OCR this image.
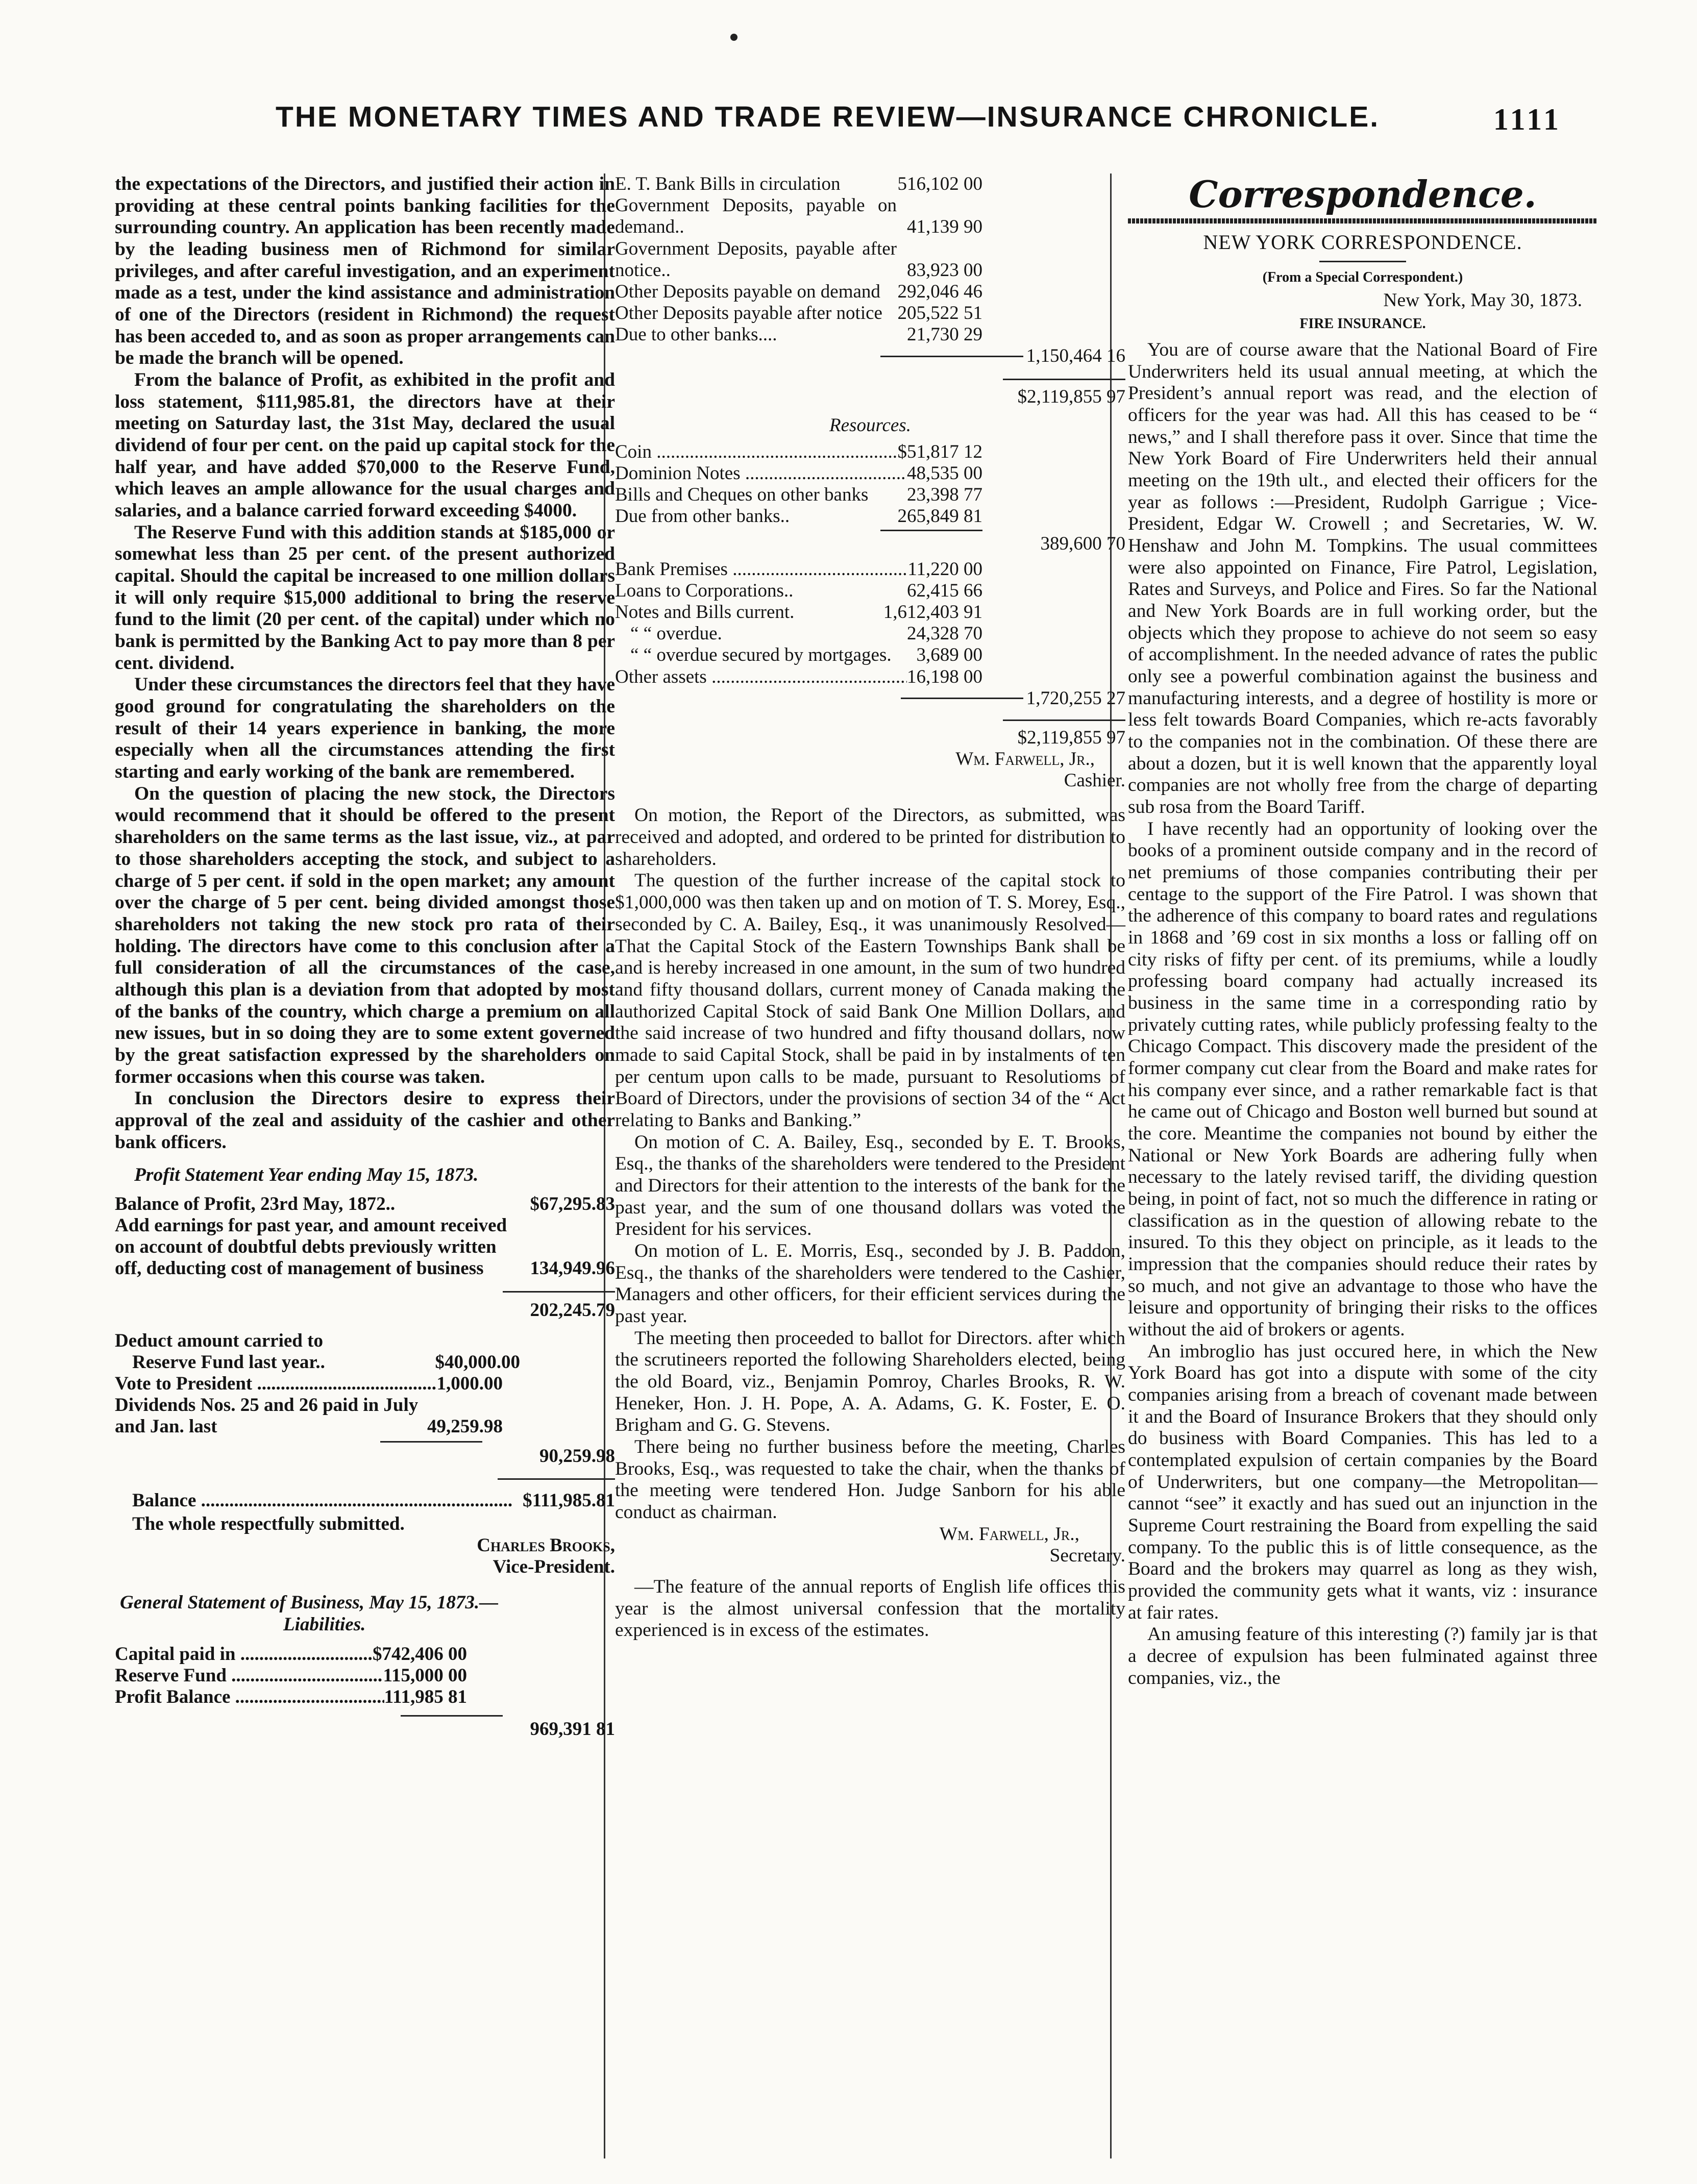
THE MONETARY TIMES AND TRADE REVIEW—INSURANCE CHRONICLE.	1111

the expectations of the Directors, and justified their action in providing at these central points banking facilities for the surrounding country. An application has been recently made by the leading business men of Richmond for similar privileges, and after careful investigation, and an experiment made as a test, under the kind assistance and administration of one of the Directors (resident in Richmond) the request has been acceded to, and as soon as proper arrangements can be made the branch will be opened.

From the balance of Profit, as exhibited in the profit and loss statement, $111,985.81, the directors have at their meeting on Saturday last, the 31st May, declared the usual dividend of four per cent. on the paid up capital stock for the half year, and have added $70,000 to the Reserve Fund, which leaves an ample allowance for the usual charges and salaries, and a balance carried forward exceeding $4000.

The Reserve Fund with this addition stands at $185,000 or somewhat less than 25 per cent. of the present authorized capital. Should the capital be increased to one million dollars it will only require $15,000 additional to bring the reserve fund to the limit (20 per cent. of the capital) under which no bank is permitted by the Banking Act to pay more than 8 per cent. dividend.

Under these circumstances the directors feel that they have good ground for congratulating the shareholders on the result of their 14 years experience in banking, the more especially when all the circumstances attending the first starting and early working of the bank are remembered.

On the question of placing the new stock, the Directors would recommend that it should be offered to the present shareholders on the same terms as the last issue, viz., at par to those shareholders accepting the stock, and subject to a charge of 5 per cent. if sold in the open market; any amount over the charge of 5 per cent. being divided amongst those shareholders not taking the new stock pro rata of their holding. The directors have come to this conclusion after a full consideration of all the circumstances of the case, although this plan is a deviation from that adopted by most of the banks of the country, which charge a premium on all new issues, but in so doing they are to some extent governed by the great satisfaction expressed by the shareholders on former occasions when this course was taken.

In conclusion the Directors desire to express their approval of the zeal and assiduity of the cashier and other bank officers.

Profit Statement Year ending May 15, 1873.

Balance of Profit, 23rd May, 1872..	$67,295.83
Add earnings for past year, and amount received on account of doubtful debts previously written off, deducting cost of management of business	134,949.96
202,245.79
Deduct amount carried to
Reserve Fund last year..	$40,000.00
Vote to President .....	1,000.00
Dividends Nos. 25 and 26 paid in July and Jan. last	49,259.98
90,259.98
Balance .....	$111,985.81
The whole respectfully submitted.
Charles Brooks,
Vice-President.
General Statement of Business, May 15, 1873.—
Liabilities.
Capital paid in .....	$742,406 00
Reserve Fund .....	115,000 00
Profit Balance .....	111,985 81
969,391 81
E. T. Bank Bills in circulation	516,102 00
Government Deposits, payable on demand..	41,139 90
Government Deposits, payable after notice..	83,923 00
Other Deposits payable on demand 292,046 46
Other Deposits payable after notice 205,522 51
Due to other banks....	21,730 29
1,150,464 16
$2,119,855 97
Resources.
Coin .....	$51,817 12
Dominion Notes .....	48,535 00
Bills and Cheques on other banks	23,398 77
Due from other banks..	265,849 81
389,600 70
Bank Premises .....	11,220 00
Loans to Corporations..	62,415 66
Notes and Bills current.	1,612,403 91
“ “ overdue.	24,328 70
“ “ overdue secured by mortgages.	3,689 00
Other assets .....	16,198 00
1,720,255 27
$2,119,855 97
Wm. Farwell, Jr.,
Cashier.

On motion, the Report of the Directors, as submitted, was received and adopted, and ordered to be printed for distribution to shareholders.

The question of the further increase of the capital stock to $1,000,000 was then taken up and on motion of T. S. Morey, Esq., seconded by C. A. Bailey, Esq., it was unanimously Resolved—That the Capital Stock of the Eastern Townships Bank shall be and is hereby increased in one amount, in the sum of two hundred and fifty thousand dollars, current money of Canada making the authorized Capital Stock of said Bank One Million Dollars, and the said increase of two hundred and fifty thousand dollars, now made to said Capital Stock, shall be paid in by instalments of ten per centum upon calls to be made, pursuant to Resolutioms of Board of Directors, under the provisions of section 34 of the “ Act relating to Banks and Banking.”

On motion of C. A. Bailey, Esq., seconded by E. T. Brooks, Esq., the thanks of the shareholders were tendered to the President and Directors for their attention to the interests of the bank for the past year, and the sum of one thousand dollars was voted the President for his services.

On motion of L. E. Morris, Esq., seconded by J. B. Paddon, Esq., the thanks of the shareholders were tendered to the Cashier, Managers and other officers, for their efficient services during the past year.

The meeting then proceeded to ballot for Directors. after which the scrutineers reported the following Shareholders elected, being the old Board, viz., Benjamin Pomroy, Charles Brooks, R. W. Heneker, Hon. J. H. Pope, A. A. Adams, G. K. Foster, E. O. Brigham and G. G. Stevens.

There being no further business before the meeting, Charles Brooks, Esq., was requested to take the chair, when the thanks of the meeting were tendered Hon. Judge Sanborn for his able conduct as chairman.

Wm. Farwell, Jr.,
Secretary.

—The feature of the annual reports of English life offices this year is the almost universal confession that the mortality experienced is in excess of the estimates.

Correspondence.
NEW YORK CORRESPONDENCE.
(From a Special Correspondent.)
New York, May 30, 1873.
FIRE INSURANCE.

You are of course aware that the National Board of Fire Underwriters held its usual annual meeting, at which the President’s annual report was read, and the election of officers for the year was had. All this has ceased to be “ news,” and I shall therefore pass it over. Since that time the New York Board of Fire Underwriters held their annual meeting on the 19th ult., and elected their officers for the year as follows :—President, Rudolph Garrigue ; Vice-President, Edgar W. Crowell ; and Secretaries, W. W. Henshaw and John M. Tompkins. The usual committees were also appointed on Finance, Fire Patrol, Legislation, Rates and Surveys, and Police and Fires. So far the National and New York Boards are in full working order, but the objects which they propose to achieve do not seem so easy of accomplishment. In the needed advance of rates the public only see a powerful combination against the business and manufacturing interests, and a degree of hostility is more or less felt towards Board Companies, which re-acts favorably to the companies not in the combination. Of these there are about a dozen, but it is well known that the apparently loyal companies are not wholly free from the charge of departing sub rosa from the Board Tariff.

I have recently had an opportunity of looking over the books of a prominent outside company and in the record of net premiums of those companies contributing their per centage to the support of the Fire Patrol. I was shown that the adherence of this company to board rates and regulations in 1868 and ’69 cost in six months a loss or falling off on city risks of fifty per cent. of its premiums, while a loudly professing board company had actually increased its business in the same time in a corresponding ratio by privately cutting rates, while publicly professing fealty to the Chicago Compact. This discovery made the president of the former company cut clear from the Board and make rates for his company ever since, and a rather remarkable fact is that he came out of Chicago and Boston well burned but sound at the core. Meantime the companies not bound by either the National or New York Boards are adhering fully when necessary to the lately revised tariff, the dividing question being, in point of fact, not so much the difference in rating or classification as in the question of allowing rebate to the insured. To this they object on principle, as it leads to the impression that the companies should reduce their rates by so much, and not give an advantage to those who have the leisure and opportunity of bringing their risks to the offices without the aid of brokers or agents.

An imbroglio has just occured here, in which the New York Board has got into a dispute with some of the city companies arising from a breach of covenant made between it and the Board of Insurance Brokers that they should only do business with Board Companies. This has led to a contemplated expulsion of certain companies by the Board of Underwriters, but one company—the Metropolitan—cannot “see” it exactly and has sued out an injunction in the Supreme Court restraining the Board from expelling the said company. To the public this is of little consequence, as the Board and the brokers may quarrel as long as they wish, provided the community gets what it wants, viz : insurance at fair rates.

An amusing feature of this interesting (?) family jar is that a decree of expulsion has been fulminated against three companies, viz., the
